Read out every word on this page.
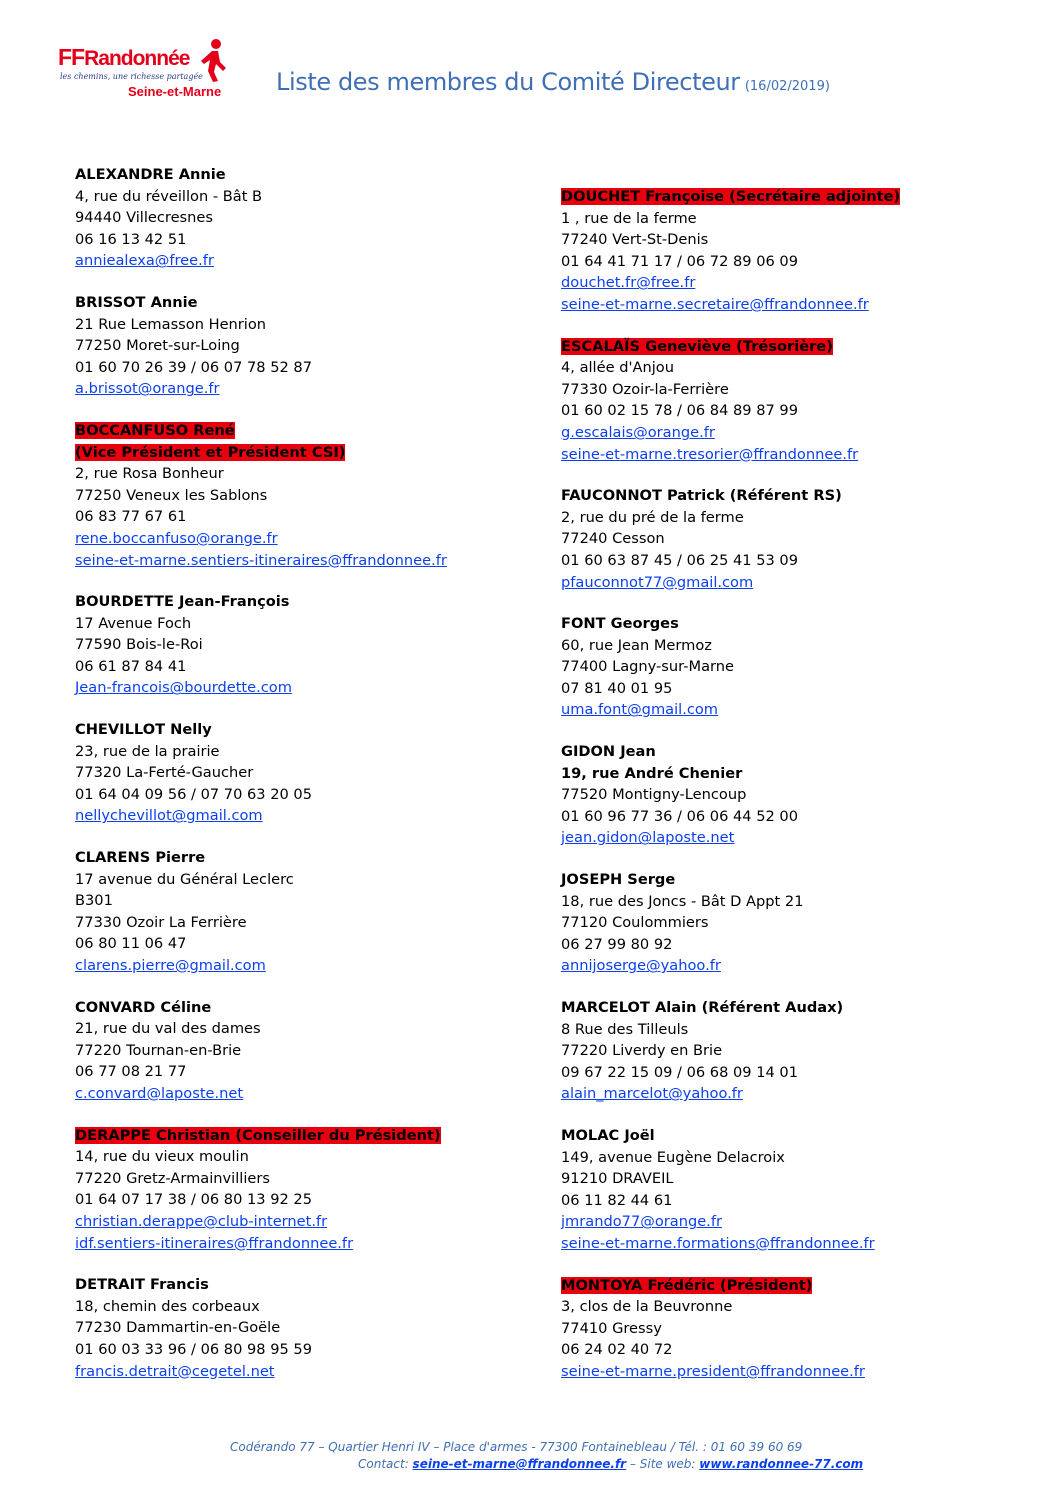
FFRandonnée
les chemins, une richesse partagée
Seine-et-Marne Liste des membres du Comité Directeur (16/02/2019)
ALEXANDRE Annie
4, rue du réveillon - Bât B
94440 Villecresnes
06 16 13 42 51
anniealexa@free.fr
BRISSOT Annie
21 Rue Lemasson Henrion
77250 Moret-sur-Loing
01 60 70 26 39 / 06 07 78 52 87
a.brissot@orange.fr
BOCCANFUSO René
(Vice Président et Président CSI)
2, rue Rosa Bonheur
77250 Veneux les Sablons
06 83 77 67 61
rene.boccanfuso@orange.fr
seine-et-marne.sentiers-itineraires@ffrandonnee.fr
BOURDETTE Jean-François
17 Avenue Foch
77590 Bois-le-Roi
06 61 87 84 41
Jean-francois@bourdette.com
CHEVILLOT Nelly
23, rue de la prairie
77320 La-Ferté-Gaucher
01 64 04 09 56 / 07 70 63 20 05
nellychevillot@gmail.com
CLARENS Pierre
17 avenue du Général Leclerc
B301
77330 Ozoir La Ferrière
06 80 11 06 47
clarens.pierre@gmail.com
CONVARD Céline
21, rue du val des dames
77220 Tournan-en-Brie
06 77 08 21 77
c.convard@laposte.net
DERAPPE Christian (Conseiller du Président)
14, rue du vieux moulin
77220 Gretz-Armainvilliers
01 64 07 17 38 / 06 80 13 92 25
christian.derappe@club-internet.fr
idf.sentiers-itineraires@ffrandonnee.fr
DETRAIT Francis
18, chemin des corbeaux
77230 Dammartin-en-Goële
01 60 03 33 96 / 06 80 98 95 59
francis.detrait@cegetel.net
DOUCHET Françoise (Secrétaire adjointe)
1 , rue de la ferme
77240 Vert-St-Denis
01 64 41 71 17 / 06 72 89 06 09
douchet.fr@free.fr
seine-et-marne.secretaire@ffrandonnee.fr
ESCALAÏS Geneviève (Trésorière)
4, allée d'Anjou
77330 Ozoir-la-Ferrière
01 60 02 15 78 / 06 84 89 87 99
g.escalais@orange.fr
seine-et-marne.tresorier@ffrandonnee.fr
FAUCONNOT Patrick (Référent RS)
2, rue du pré de la ferme
77240 Cesson
01 60 63 87 45 / 06 25 41 53 09
pfauconnot77@gmail.com
FONT Georges
60, rue Jean Mermoz
77400 Lagny-sur-Marne
07 81 40 01 95
uma.font@gmail.com
GIDON Jean
19, rue André Chenier
77520 Montigny-Lencoup
01 60 96 77 36 / 06 06 44 52 00
jean.gidon@laposte.net
JOSEPH Serge
18, rue des Joncs - Bât D Appt 21
77120 Coulommiers
06 27 99 80 92
annijoserge@yahoo.fr
MARCELOT Alain (Référent Audax)
8 Rue des Tilleuls
77220 Liverdy en Brie
09 67 22 15 09 / 06 68 09 14 01
alain_marcelot@yahoo.fr
MOLAC Joël
149, avenue Eugène Delacroix
91210 DRAVEIL
06 11 82 44 61
jmrando77@orange.fr
seine-et-marne.formations@ffrandonnee.fr
MONTOYA Frédéric (Président)
3, clos de la Beuvronne
77410 Gressy
06 24 02 40 72
seine-et-marne.president@ffrandonnee.fr
Codérando 77 – Quartier Henri IV – Place d'armes - 77300 Fontainebleau / Tél. : 01 60 39 60 69
Contact: seine-et-marne@ffrandonnee.fr – Site web: www.randonnee-77.com
